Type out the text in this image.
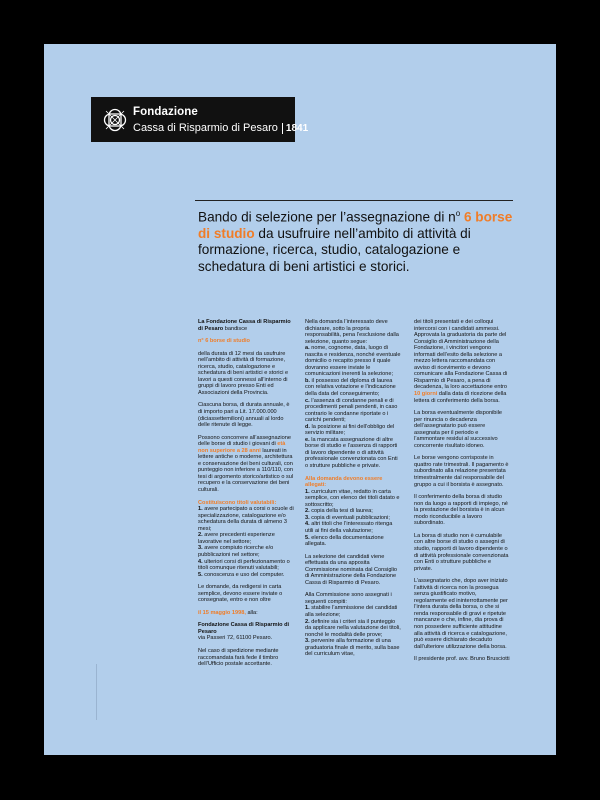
Fondazione
Cassa di Risparmio di Pesaro 1841
Bando di selezione per l’assegnazione di $n^o$ 6 borse di studio da usufruire nell’ambito di attività di formazione, ricerca, studio, catalogazione e schedatura di beni artistici e storici.

La Fondazione Cassa di Risparmio di Pesaro bandisce

n° 6 borse di studio

della durata di 12 mesi da usufruire nell’ambito di attività di formazione, ricerca, studio, catalogazione e schedatura di beni artistici e storici e lavori a questi connessi all’interno di gruppi di lavoro presso Enti ed Associazioni della Provincia.

Ciascuna borsa, di durata annuale, è di importo pari a Lit. 17.000.000 (diciassettemilioni) annuali al lordo delle ritenute di legge.

Possono concorrere all’assegnazione delle borse di studio i giovani di età non superiore a 28 anni laureati in lettere antiche o moderne, architettura e conservazione dei beni culturali, con punteggio non inferiore a 110/110, con tesi di argomento storico/artistico o sul recupero e la conservazione dei beni culturali.

Costituiscono titoli valutabili:

1. avere partecipato a corsi o scuole di specializzazione, catalogazione e/o schedatura della durata di almeno 3 mesi;
2. avere precedenti esperienze lavorative nel settore;
3. avere compiuto ricerche e/o pubblicazioni nel settore;
4. ulteriori corsi di perfezionamento o titoli comunque ritenuti valutabili;
5. conoscenza e uso del computer.

Le domande, da redigersi in carta semplice, devono essere inviate o consegnate, entro e non oltre

il 15 maggio 1998, alla:

Fondazione Cassa di Risparmio di Pesaro
via Passeri 72, 61100 Pesaro.

Nel caso di spedizione mediante raccomandata farà fede il timbro dell’Ufficio postale accettante.

Nella domanda l’interessato deve dichiarare, sotto la propria responsabilità, pena l’esclusione dalla selezione, quanto segue:

a. nome, cognome, data, luogo di nascita e residenza, nonché eventuale domicilio o recapito presso il quale dovranno essere inviate le comunicazioni inerenti la selezione;
b. il possesso del diploma di laurea con relativa votazione e l’indicazione della data del conseguimento;
c. l’assenza di condanne penali e di procedimenti penali pendenti, in caso contrario le condanne riportate o i carichi pendenti;
d. la posizione ai fini dell’obbligo del servizio militare;
e. la mancata assegnazione di altre borse di studio e l’assenza di rapporti di lavoro dipendente o di attività professionale convenzionata con Enti o strutture pubbliche e private.

Alla domanda devono essere allegati:

1. curriculum vitae, redatto in carta semplice, con elenco dei titoli datato e sottoscritto;
2. copia della tesi di laurea;
3. copia di eventuali pubblicazioni;
4. altri titoli che l’interessato ritenga utili ai fini della valutazione;
5. elenco della documentazione allegata.

La selezione dei candidati viene effettuata da una apposita Commissione nominata dal Consiglio di Amministrazione della Fondazione Cassa di Risparmio di Pesaro.

Alla Commissione sono assegnati i seguenti compiti:

1. stabilire l’ammissione dei candidati alla selezione;
2. definire sia i criteri sia il punteggio da applicare nella valutazione dei titoli, nonché le modalità delle prove;
3. pervenire alla formazione di una graduatoria finale di merito, sulla base del curriculum vitae,

dei titoli presentati e dei colloqui intercorsi con i candidati ammessi. Approvata la graduatoria da parte del Consiglio di Amministrazione della Fondazione, i vincitori vengono informati dell’esito della selezione a mezzo lettera raccomandata con avviso di ricevimento e devono comunicare alla Fondazione Cassa di Risparmio di Pesaro, a pena di decadenza, la loro accettazione entro 10 giorni dalla data di ricezione della lettera di conferimento della borsa.

La borsa eventualmente disponibile per rinuncia o decadenza dell’assegnatario può essere assegnata per il periodo e l’ammontare residui al successivo concorrente risultato idoneo.

Le borse vengono corrisposte in quattro rate trimestrali. Il pagamento è subordinato alla relazione presentata trimestralmente dal responsabile del gruppo a cui il borsista è assegnato.

Il conferimento della borsa di studio non da luogo a rapporti di impiego, né la prestazione del borsista è in alcun modo riconducibile a lavoro subordinato.

La borsa di studio non è cumulabile con altre borse di studio o assegni di studio, rapporti di lavoro dipendente o di attività professionale convenzionata con Enti o strutture pubbliche e private.

L’assegnatario che, dopo aver iniziato l’attività di ricerca non la prosegua senza giustificato motivo, regolarmente ed ininterrottamente per l’intera durata della borsa, o che si renda responsabile di gravi e ripetute mancanze o che, infine, dia prova di non possedere sufficiente attitudine alla attività di ricerca e catalogazione, può essere dichiarato decaduto dall’ulteriore utilizzazione della borsa.

Il presidente prof. avv. Bruno Brusciotti
